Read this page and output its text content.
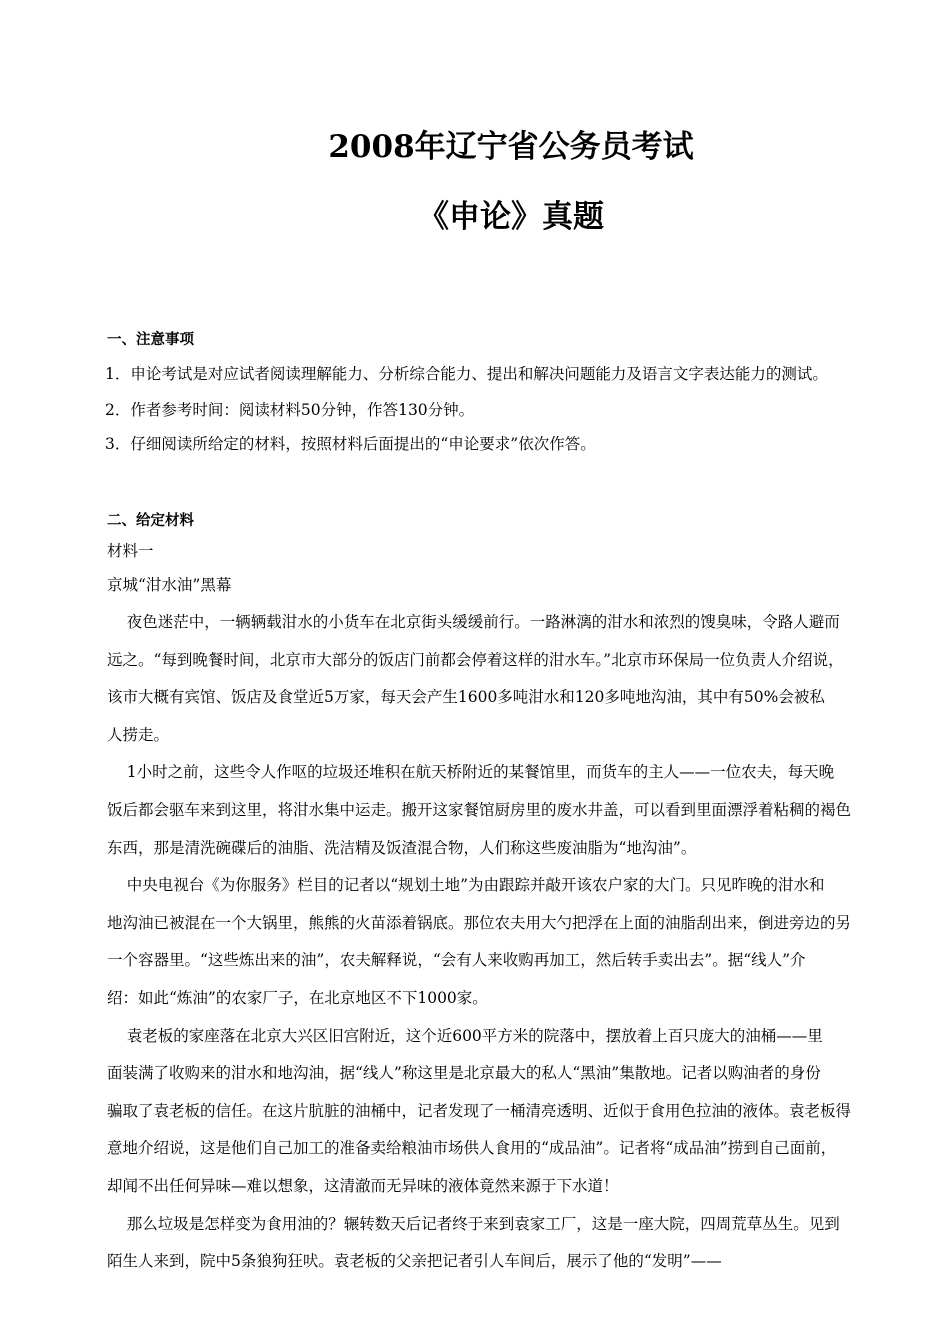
2008年辽宁省公务员考试
《申论》真题
一、注意事项
1．申论考试是对应试者阅读理解能力、分析综合能力、提出和解决问题能力及语言文字表达能力的测试。
2．作者参考时间：阅读材料50分钟，作答130分钟。
3．仔细阅读所给定的材料，按照材料后面提出的“申论要求”依次作答。
二、给定材料
材料一
京城“泔水油”黑幕
夜色迷茫中，一辆辆载泔水的小货车在北京街头缓缓前行。一路淋漓的泔水和浓烈的馊臭味，令路人避而
远之。“每到晚餐时间，北京市大部分的饭店门前都会停着这样的泔水车。”北京市环保局一位负责人介绍说，
该市大概有宾馆、饭店及食堂近5万家，每天会产生1600多吨泔水和120多吨地沟油，其中有50%会被私
人捞走。
1小时之前，这些令人作呕的垃圾还堆积在航天桥附近的某餐馆里，而货车的主人——一位农夫，每天晚
饭后都会驱车来到这里，将泔水集中运走。搬开这家餐馆厨房里的废水井盖，可以看到里面漂浮着粘稠的褐色
东西，那是清洗碗碟后的油脂、洗洁精及饭渣混合物，人们称这些废油脂为“地沟油”。
中央电视台《为你服务》栏目的记者以“规划土地”为由跟踪并敲开该农户家的大门。只见昨晚的泔水和
地沟油已被混在一个大锅里，熊熊的火苗添着锅底。那位农夫用大勺把浮在上面的油脂刮出来，倒进旁边的另
一个容器里。“这些炼出来的油”，农夫解释说，“会有人来收购再加工，然后转手卖出去”。据“线人”介
绍：如此“炼油”的农家厂子，在北京地区不下1000家。
袁老板的家座落在北京大兴区旧宫附近，这个近600平方米的院落中，摆放着上百只庞大的油桶——里
面装满了收购来的泔水和地沟油，据“线人”称这里是北京最大的私人“黑油”集散地。记者以购油者的身份
骗取了袁老板的信任。在这片肮脏的油桶中，记者发现了一桶清亮透明、近似于食用色拉油的液体。袁老板得
意地介绍说，这是他们自己加工的准备卖给粮油市场供人食用的“成品油”。记者将“成品油”捞到自己面前，
却闻不出任何异味—难以想象，这清澈而无异味的液体竟然来源于下水道！
那么垃圾是怎样变为食用油的？辗转数天后记者终于来到袁家工厂，这是一座大院，四周荒草丛生。见到
陌生人来到，院中5条狼狗狂吠。袁老板的父亲把记者引人车间后，展示了他的“发明”——
